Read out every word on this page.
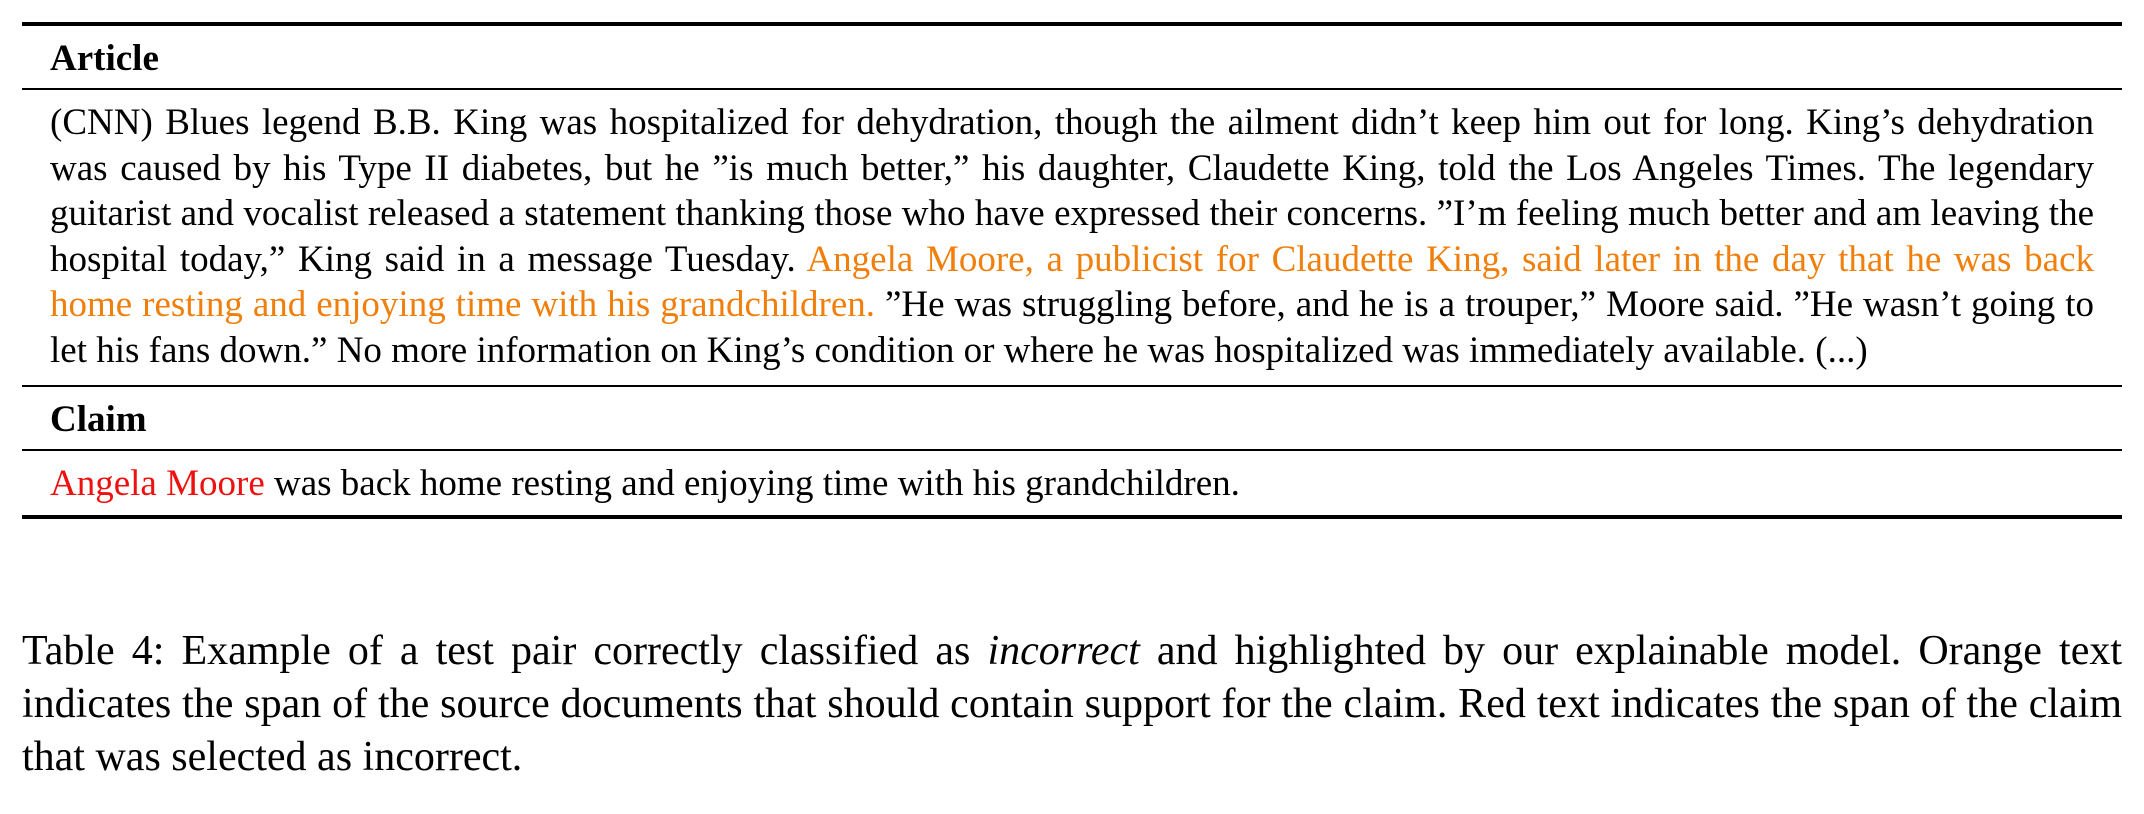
Article
(CNN) Blues legend B.B. King was hospitalized for dehydration, though the ailment didn’t keep him out for long. King’s dehydration was caused by his Type II diabetes, but he ”is much better,” his daughter, Claudette King, told the Los Angeles Times. The legendary guitarist and vocalist released a statement thanking those who have expressed their concerns. ”I’m feeling much better and am leaving the hospital today,” King said in a message Tuesday. Angela Moore, a publicist for Claudette King, said later in the day that he was back home resting and enjoying time with his grandchildren. ”He was struggling before, and he is a trouper,” Moore said. ”He wasn’t going to let his fans down.” No more information on King’s condition or where he was hospitalized was immediately available. (...)
Claim
Angela Moore was back home resting and enjoying time with his grandchildren.
Table 4: Example of a test pair correctly classified as incorrect and highlighted by our explainable model. Orange text indicates the span of the source documents that should contain support for the claim. Red text indicates the span of the claim that was selected as incorrect.
